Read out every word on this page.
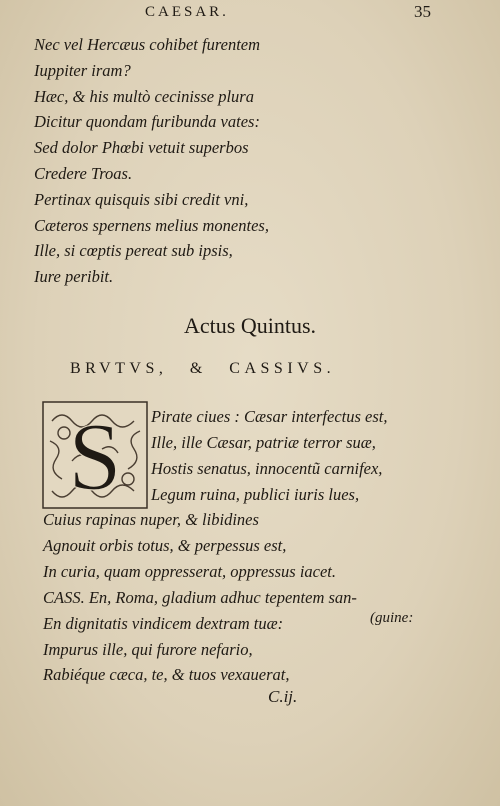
CAESAR.	35
Nec vel Hercæus cohibet furentem
Iuppiter iram?
Hæc, & his multò cecinisse plura
Dicitur quondam furibunda vates:
Sed dolor Phœbi vetuit superbos
Credere Troas.
Pertinax quisquis sibi credit vni,
Cæteros spernens melius monentes,
Ille, si cœptis pereat sub ipsis,
Iure peribit.
Actus Quintus.
BRVTVS, & CASSIVS.
S Pirate ciues : Cæsar interfectus est,
Ille, ille Cæsar, patriæ terror suæ,
Hostis senatus, innocentũ carnifex,
Legum ruina, publici iuris lues,
Cuius rapinas nuper, & libidines
Agnouit orbis totus, & perpessus est,
In curia, quam oppresserat, oppressus iacet.
CASS. En, Roma, gladium adhuc tepentem san-
En dignitatis vindicem dextram tuæ:
Impurus ille, qui furore nefario,
Rabiéque cæca, te, & tuos vexauerat,
(guine:
C.ij.
